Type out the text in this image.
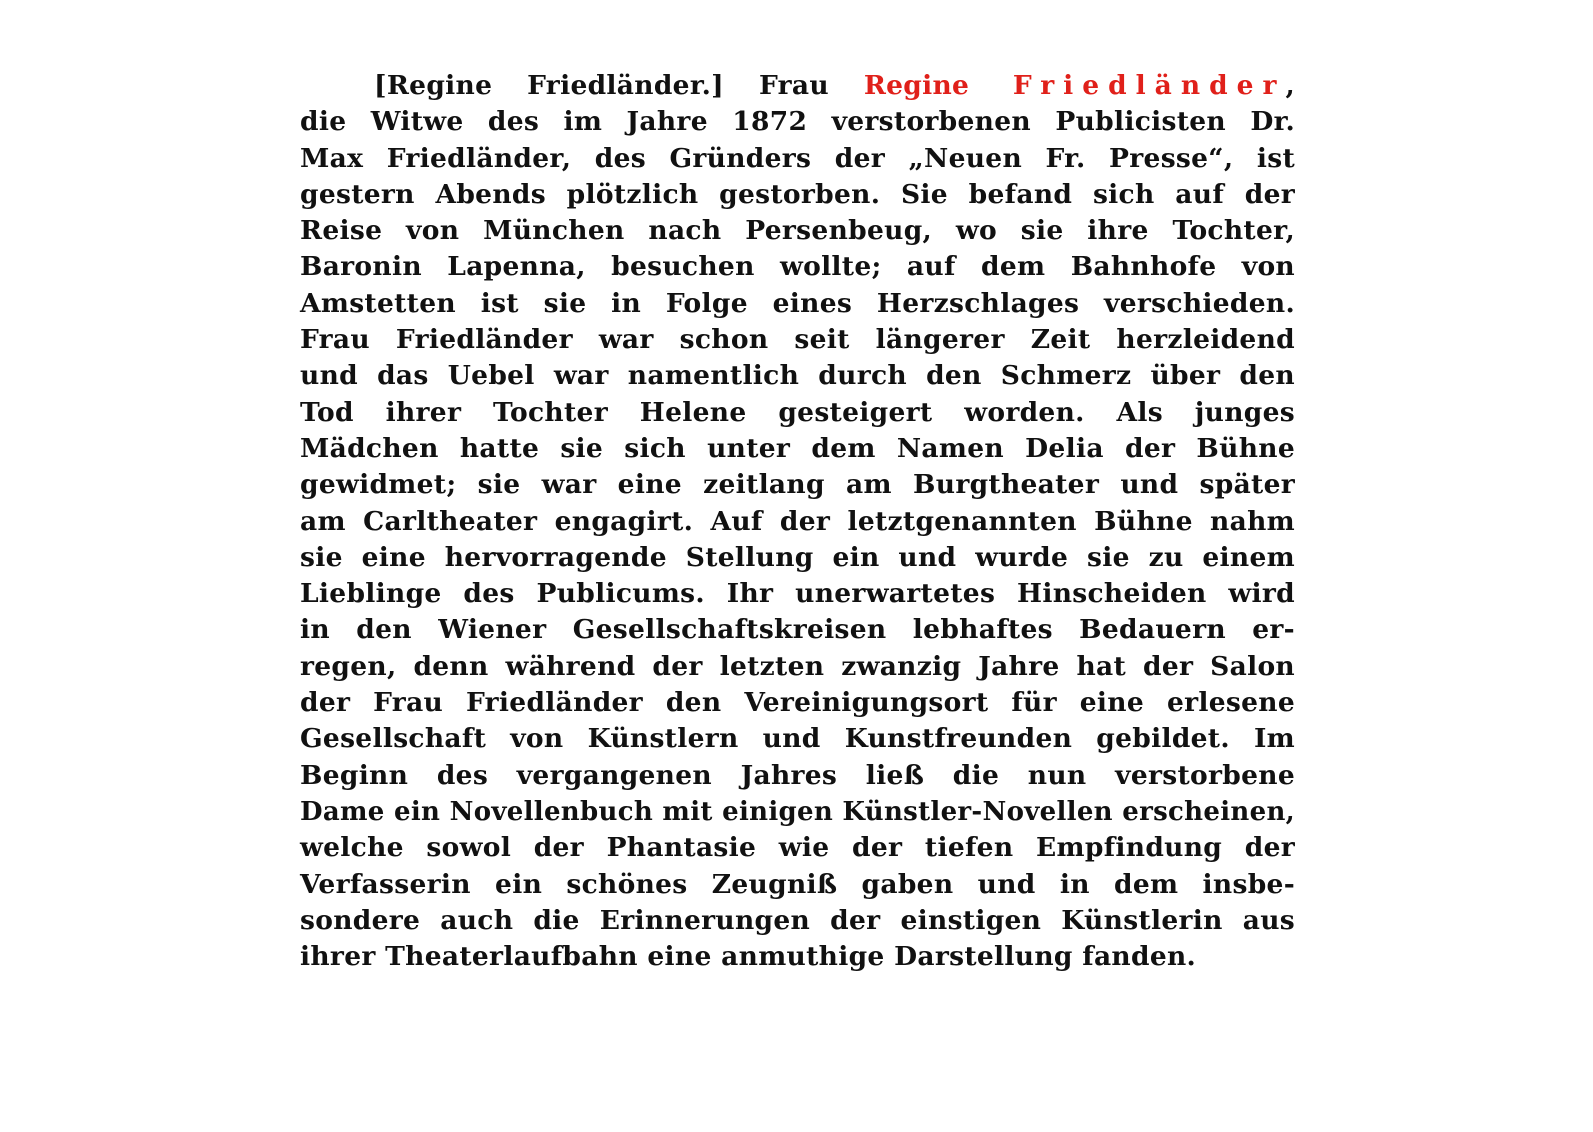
[Regine Friedländer.] Frau Regine Friedländer,
die Witwe des im Jahre 1872 verstorbenen Publicisten Dr.
Max Friedländer, des Gründers der „Neuen Fr. Presse“, ist
gestern Abends plötzlich gestorben. Sie befand sich auf der
Reise von München nach Persenbeug, wo sie ihre Tochter,
Baronin Lapenna, besuchen wollte; auf dem Bahnhofe von
Amstetten ist sie in Folge eines Herzschlages verschieden.
Frau Friedländer war schon seit längerer Zeit herzleidend
und das Uebel war namentlich durch den Schmerz über den
Tod ihrer Tochter Helene gesteigert worden. Als junges
Mädchen hatte sie sich unter dem Namen Delia der Bühne
gewidmet; sie war eine zeitlang am Burgtheater und später
am Carltheater engagirt. Auf der letztgenannten Bühne nahm
sie eine hervorragende Stellung ein und wurde sie zu einem
Lieblinge des Publicums. Ihr unerwartetes Hinscheiden wird
in den Wiener Gesellschaftskreisen lebhaftes Bedauern er-
regen, denn während der letzten zwanzig Jahre hat der Salon
der Frau Friedländer den Vereinigungsort für eine erlesene
Gesellschaft von Künstlern und Kunstfreunden gebildet. Im
Beginn des vergangenen Jahres ließ die nun verstorbene
Dame ein Novellenbuch mit einigen Künstler-Novellen erscheinen,
welche sowol der Phantasie wie der tiefen Empfindung der
Verfasserin ein schönes Zeugniß gaben und in dem insbe-
sondere auch die Erinnerungen der einstigen Künstlerin aus
ihrer Theaterlaufbahn eine anmuthige Darstellung fanden.
